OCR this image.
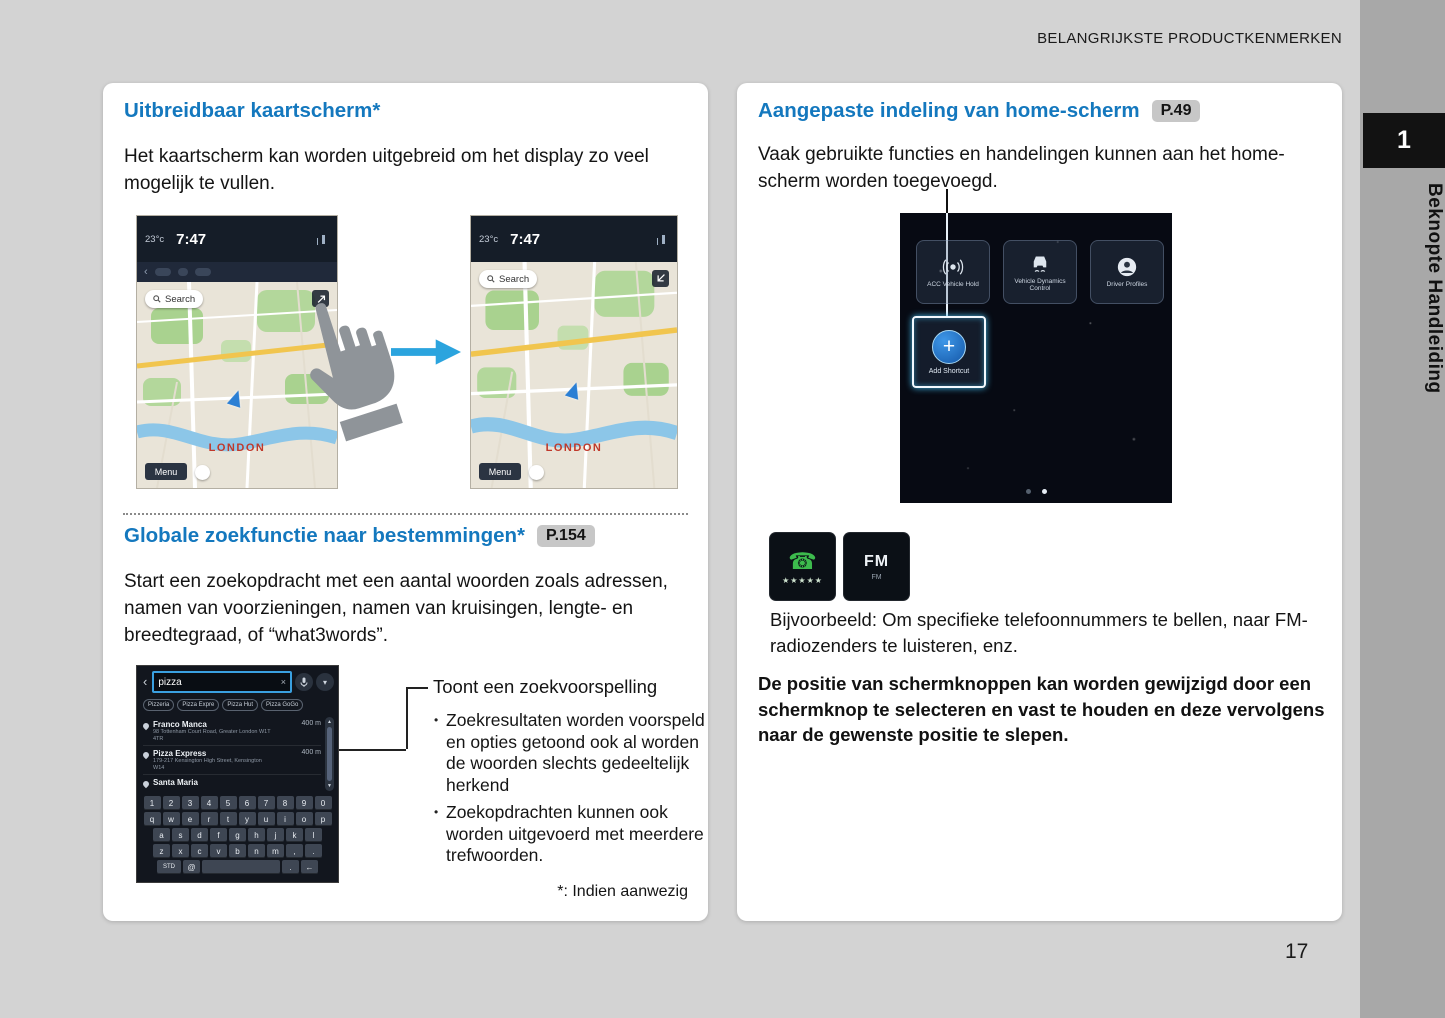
1
Beknopte Handleiding
BELANGRIJKSTE PRODUCTKENMERKEN
17
Uitbreidbaar kaartscherm*

Het kaartscherm kan worden uitgebreid om het display zo veel mogelijk te vullen.

23°c 7:47
‹
Search
LONDON
Menu
23°c 7:47
Search
LONDON
Menu
Globale zoekfunctie naar bestemmingen* P.154

Start een zoekopdracht met een aantal woorden zoals adressen, namen van voorzieningen, namen van kruisingen, lengte- en breedtegraad, of “what3words”.

‹ pizza	×	▾
Pizzeria	Pizza Expre	Pizza Hut	Pizza GoGo
Franco Manca
98 Tottenham Court Road, Greater London W1T 4TR
400 m
Pizza Express
179-217 Kensington High Street, Kensington W14
400 m
Santa Maria
▲
▼
1	2	3	4	5	6	7	8	9	0
q	w	e	r	t	y	u	i	o	p
a	s	d	f	g	h	j	k	l
z	x	c	v	b	n	m	,	.
STD	@	.	←
Toont een zoekvoorspelling
• Zoekresultaten worden voorspeld en opties getoond ook al worden de woorden slechts gedeeltelijk herkend
• Zoekopdrachten kunnen ook worden uitgevoerd met meerdere trefwoorden.
*: Indien aanwezig
Aangepaste indeling van home-scherm P.49

Vaak gebruikte functies en handelingen kunnen aan het home-scherm worden toegevoegd.

ACC Vehicle Hold
Vehicle Dynamics Control
Driver Profiles
+
Add Shortcut
☎
★★★★★
FM
FM

Bijvoorbeeld: Om specifieke telefoonnummers te bellen, naar FM-radiozenders te luisteren, enz.

De positie van schermknoppen kan worden gewijzigd door een schermknop te selecteren en vast te houden en deze vervolgens naar de gewenste positie te slepen.
